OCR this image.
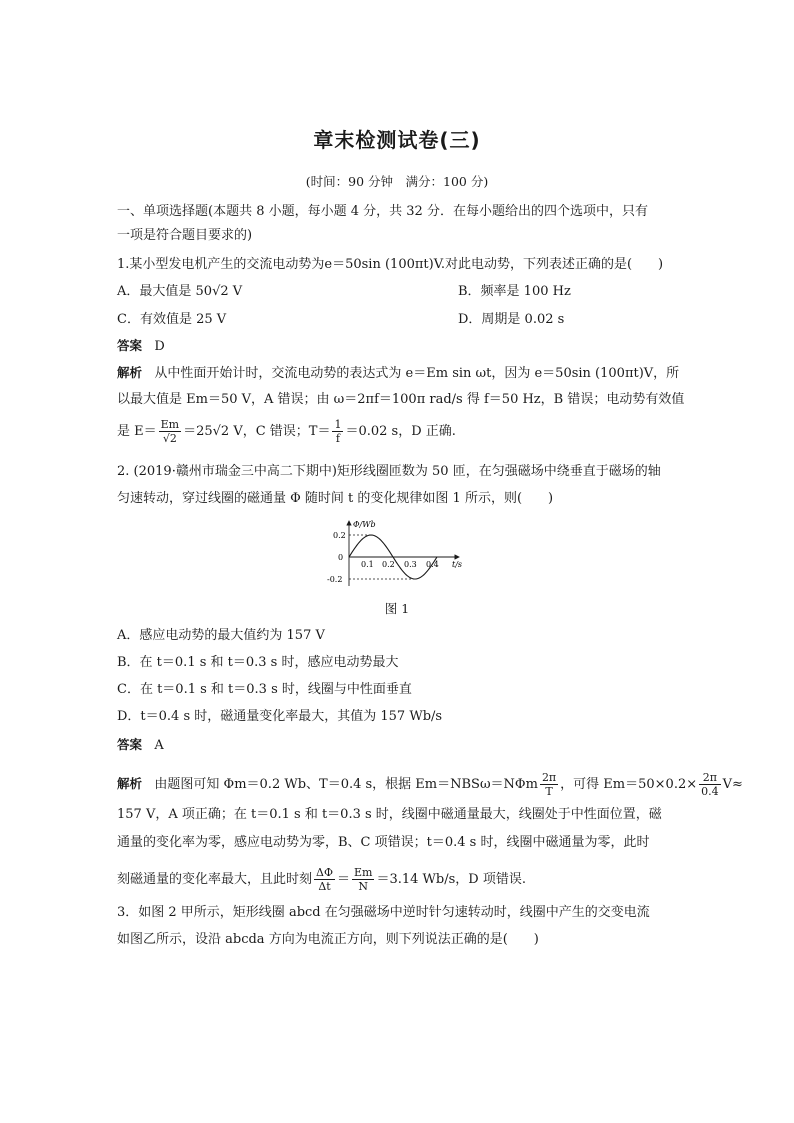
章末检测试卷(三)
(时间：90 分钟　满分：100 分)
一、单项选择题(本题共 8 小题，每小题 4 分，共 32 分．在每小题给出的四个选项中，只有
一项是符合题目要求的)
1.某小型发电机产生的交流电动势为e＝50sin (100πt)V.对此电动势，下列表述正确的是(　　)
A．最大值是 50√2 V	B．频率是 100 Hz
C．有效值是 25 V	D．周期是 0.02 s
答案 D
解析 从中性面开始计时，交流电动势的表达式为 e＝Em sin ωt，因为 e＝50sin (100πt)V，所
以最大值是 Em＝50 V，A 错误；由 ω＝2πf＝100π rad/s 得 f＝50 Hz，B 错误；电动势有效值
是 $E= \frac{Em}{√2} =25√2$ V，C 错误；$T= \frac{1}{f} =0.02$ s，D 正确.
2. (2019·赣州市瑞金三中高二下期中)矩形线圈匝数为 50 匝，在匀强磁场中绕垂直于磁场的轴
匀速转动，穿过线圈的磁通量 Φ 随时间 t 的变化规律如图 1 所示，则(　　)
Φ/Wb
t/s
0.2
0
-0.2
0.1 0.2 0.3 0.4
图 1
A．感应电动势的最大值约为 157 V
B．在 t＝0.1 s 和 t＝0.3 s 时，感应电动势最大
C．在 t＝0.1 s 和 t＝0.3 s 时，线圈与中性面垂直
D．t＝0.4 s 时，磁通量变化率最大，其值为 157 Wb/s
答案 A
解析 由题图可知 Φm＝0.2 Wb、T＝0.4 s，根据 $Em=NBS\omega=N\Phi m \frac{2\pi}{T}$ ，可得 $Em=50\times 0.2\times \frac{2\pi}{0.4} V\approx$
157 V，A 项正确；在 t＝0.1 s 和 t＝0.3 s 时，线圈中磁通量最大，线圈处于中性面位置，磁
通量的变化率为零，感应电动势为零，B、C 项错误；t＝0.4 s 时，线圈中磁通量为零，此时
刻磁通量的变化率最大，且此时刻 $\frac{\Delta\Phi}{\Delta t} = \frac{Em}{N} =3.14$ Wb/s，D 项错误.
3．如图 2 甲所示，矩形线圈 abcd 在匀强磁场中逆时针匀速转动时，线圈中产生的交变电流
如图乙所示，设沿 abcda 方向为电流正方向，则下列说法正确的是(　　)
